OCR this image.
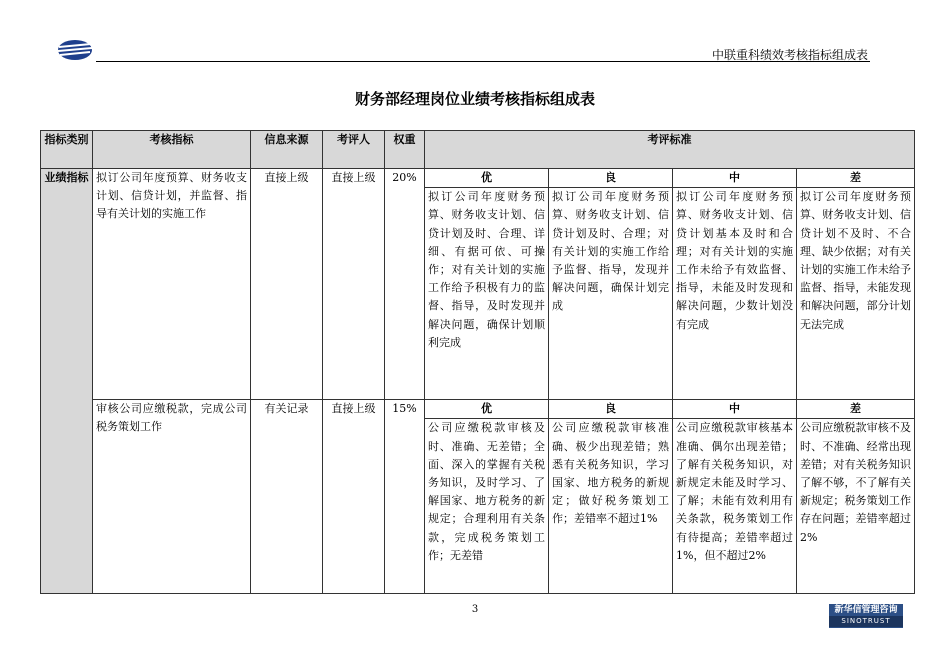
中联重科绩效考核指标组成表
财务部经理岗位业绩考核指标组成表
指标类别	考核指标	信息来源	考评人	权重	考评标准			
业绩指标	拟订公司年度预算、财务收支计划、信贷计划，并监督、指导有关计划的实施工作	直接上级	直接上级	20%	优	良	中	差
					拟订公司年度财务预算、财务收支计划、信贷计划及时、合理、详细、有据可依、可操作；对有关计划的实施工作给予积极有力的监督、指导，及时发现并解决问题，确保计划顺利完成	拟订公司年度财务预算、财务收支计划、信贷计划及时、合理；对有关计划的实施工作给予监督、指导，发现并解决问题，确保计划完成	拟订公司年度财务预算、财务收支计划、信贷计划基本及时和合理；对有关计划的实施工作未给予有效监督、指导，未能及时发现和解决问题，少数计划没有完成	拟订公司年度财务预算、财务收支计划、信贷计划不及时、不合理、缺少依据；对有关计划的实施工作未给予监督、指导，未能发现和解决问题，部分计划无法完成
	审核公司应缴税款，完成公司税务策划工作	有关记录	直接上级	15%	优	良	中	差
					公司应缴税款审核及时、准确、无差错；全面、深入的掌握有关税务知识，及时学习、了解国家、地方税务的新规定；合理利用有关条款，完成税务策划工作；无差错	公司应缴税款审核准确、极少出现差错；熟悉有关税务知识，学习国家、地方税务的新规定；做好税务策划工作；差错率不超过1%	公司应缴税款审核基本准确、偶尔出现差错；了解有关税务知识，对新规定未能及时学习、了解；未能有效利用有关条款，税务策划工作有待提高；差错率超过1%，但不超过2%	公司应缴税款审核不及时、不准确、经常出现差错；对有关税务知识了解不够，不了解有关新规定；税务策划工作存在问题；差错率超过2%
3	新华信管理咨询
SINOTRUST
